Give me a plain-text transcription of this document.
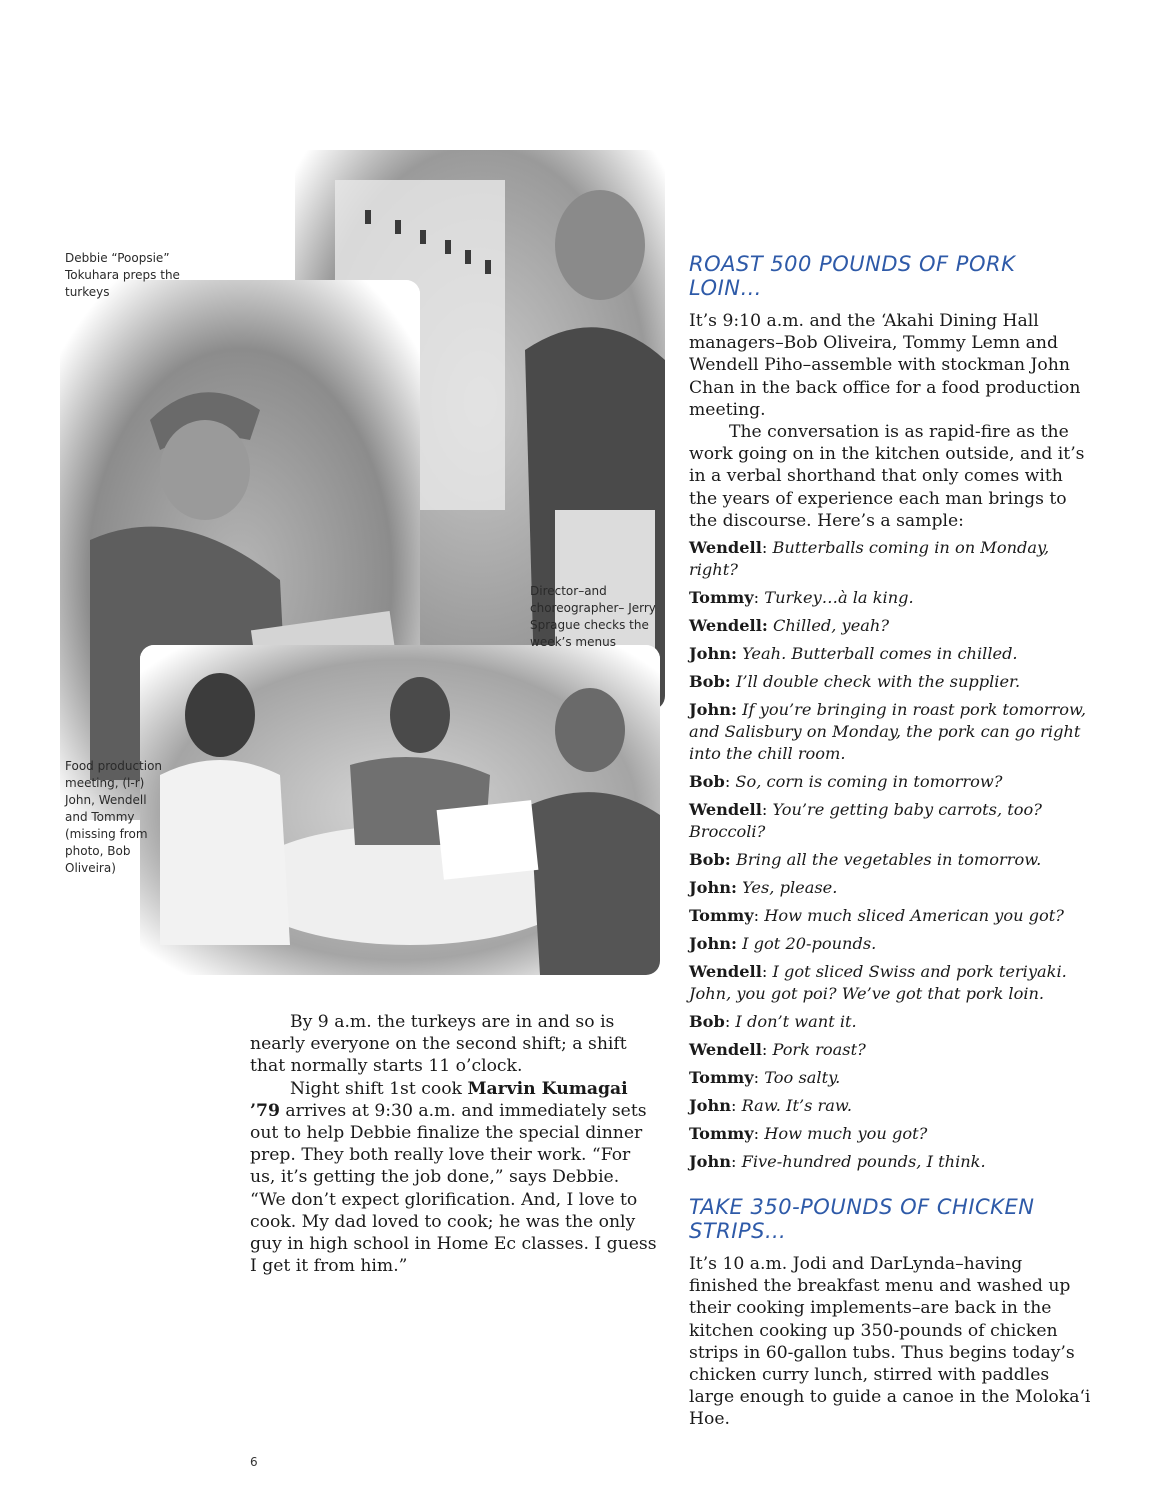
Debbie “Poopsie” Tokuhara preps the turkeys
Director–and choreographer– Jerry Sprague checks the week’s menus
Food production meeting, (l-r) John, Wendell and Tommy (missing from photo, Bob Oliveira)

By 9 a.m. the turkeys are in and so is nearly everyone on the second shift; a shift that normally starts 11 o’clock.

Night shift 1st cook Marvin Kumagai ’79 arrives at 9:30 a.m. and immediately sets out to help Debbie finalize the special dinner prep. They both really love their work. “For us, it’s getting the job done,” says Debbie. “We don’t expect glorification. And, I love to cook. My dad loved to cook; he was the only guy in high school in Home Ec classes. I guess I get it from him.”

ROAST 500 POUNDS OF PORK LOIN…

It’s 9:10 a.m. and the ‘Akahi Dining Hall managers–Bob Oliveira, Tommy Lemn and Wendell Piho–assemble with stockman John Chan in the back office for a food production meeting.

The conversation is as rapid-fire as the work going on in the kitchen outside, and it’s in a verbal shorthand that only comes with the years of experience each man brings to the discourse. Here’s a sample:

Wendell: Butterballs coming in on Monday, right?
Tommy: Turkey…à la king.
Wendell: Chilled, yeah?
John: Yeah. Butterball comes in chilled.
Bob: I’ll double check with the supplier.
John: If you’re bringing in roast pork tomorrow, and Salisbury on Monday, the pork can go right into the chill room.
Bob: So, corn is coming in tomorrow?
Wendell: You’re getting baby carrots, too? Broccoli?
Bob: Bring all the vegetables in tomorrow.
John: Yes, please.
Tommy: How much sliced American you got?
John: I got 20-pounds.
Wendell: I got sliced Swiss and pork teriyaki. John, you got poi? We’ve got that pork loin.
Bob: I don’t want it.
Wendell: Pork roast?
Tommy: Too salty.
John: Raw. It’s raw.
Tommy: How much you got?
John: Five-hundred pounds, I think.
TAKE 350-POUNDS OF CHICKEN STRIPS…

It’s 10 a.m. Jodi and DarLynda–having finished the breakfast menu and washed up their cooking implements–are back in the kitchen cooking up 350-pounds of chicken strips in 60-gallon tubs. Thus begins today’s chicken curry lunch, stirred with paddles large enough to guide a canoe in the Moloka‘i Hoe.

6
